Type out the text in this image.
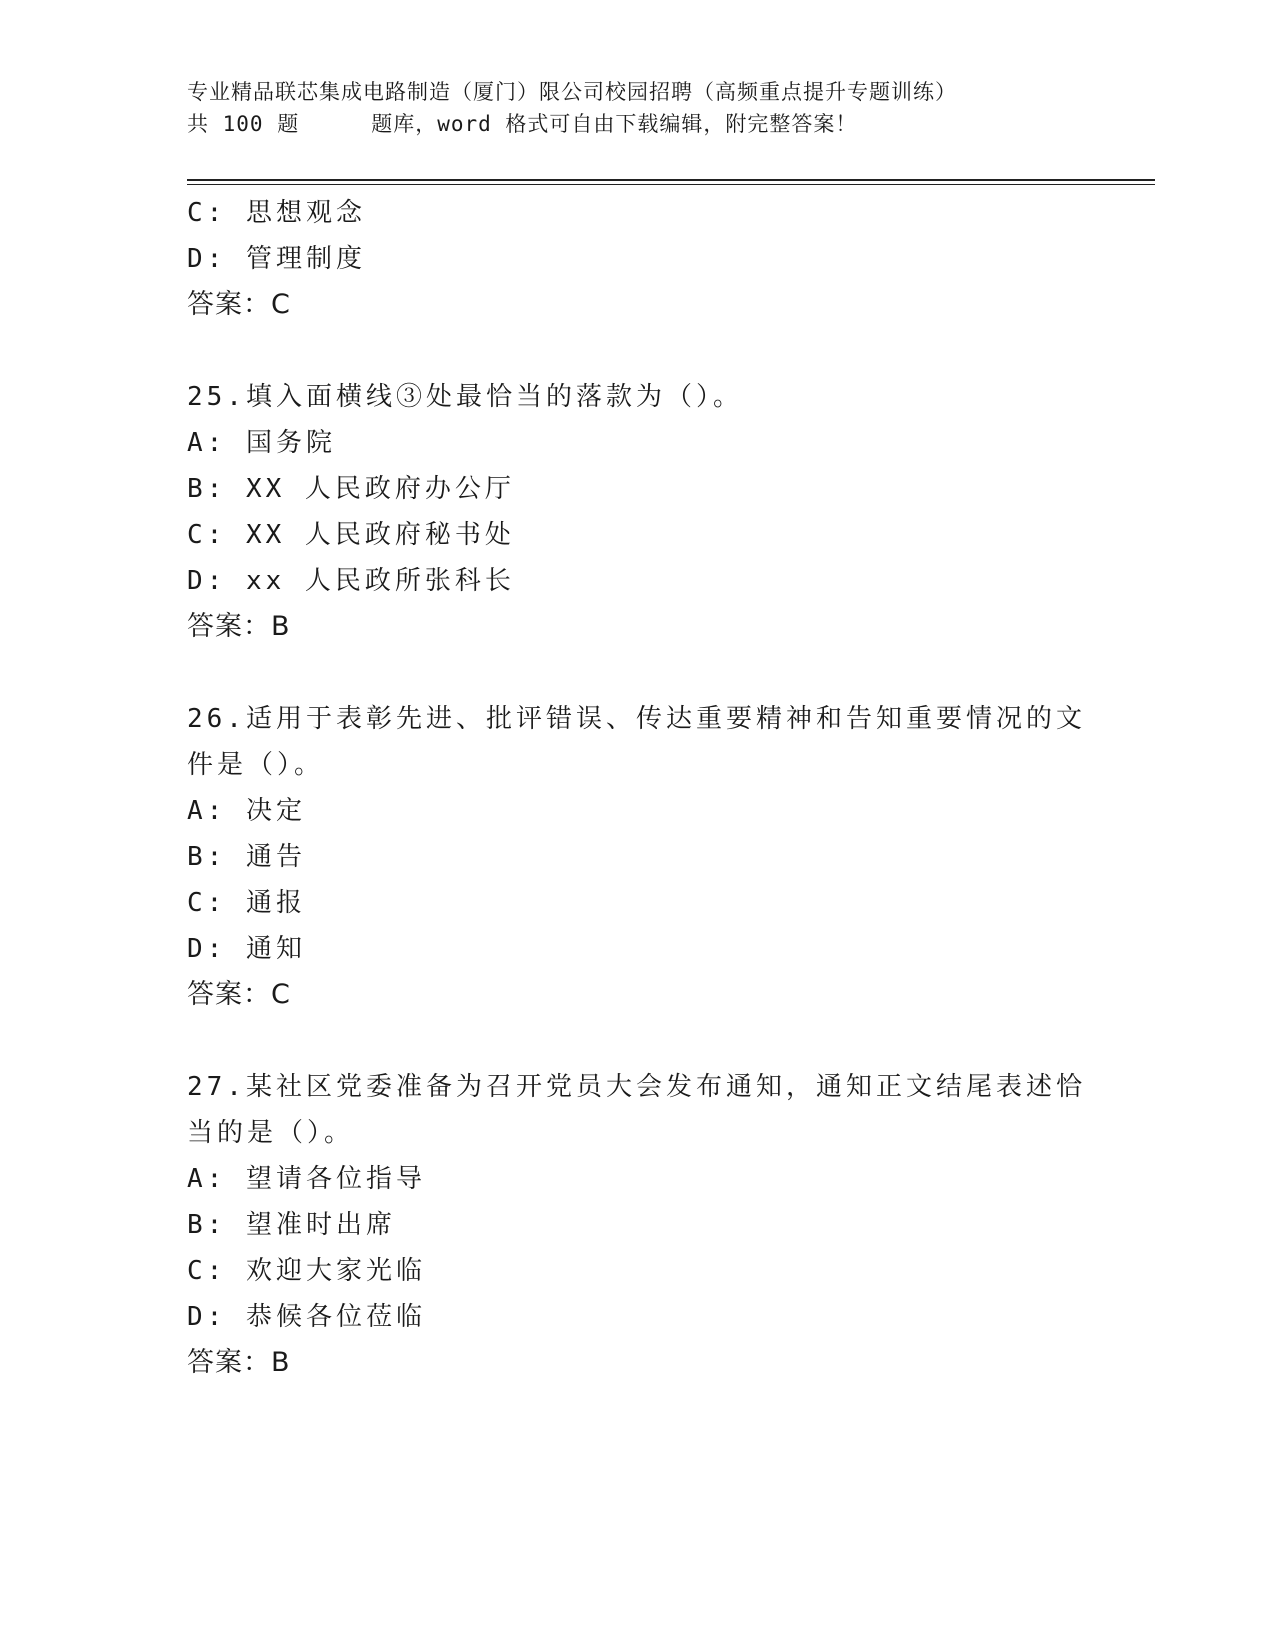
专业精品联芯集成电路制造（厦门）限公司校园招聘（高频重点提升专题训练）
共 100 题	题库，word 格式可自由下载编辑，附完整答案！
C: 思想观念
D: 管理制度
答案：C
25.填入面横线③处最恰当的落款为（）。
A: 国务院
B: XX 人民政府办公厅
C: XX 人民政府秘书处
D: xx 人民政所张科长
答案：B
26.适用于表彰先进、批评错误、传达重要精神和告知重要情况的文件是（）。
A: 决定
B: 通告
C: 通报
D: 通知
答案：C
27.某社区党委准备为召开党员大会发布通知，通知正文结尾表述恰当的是（）。
A: 望请各位指导
B: 望准时出席
C: 欢迎大家光临
D: 恭候各位莅临
答案：B
